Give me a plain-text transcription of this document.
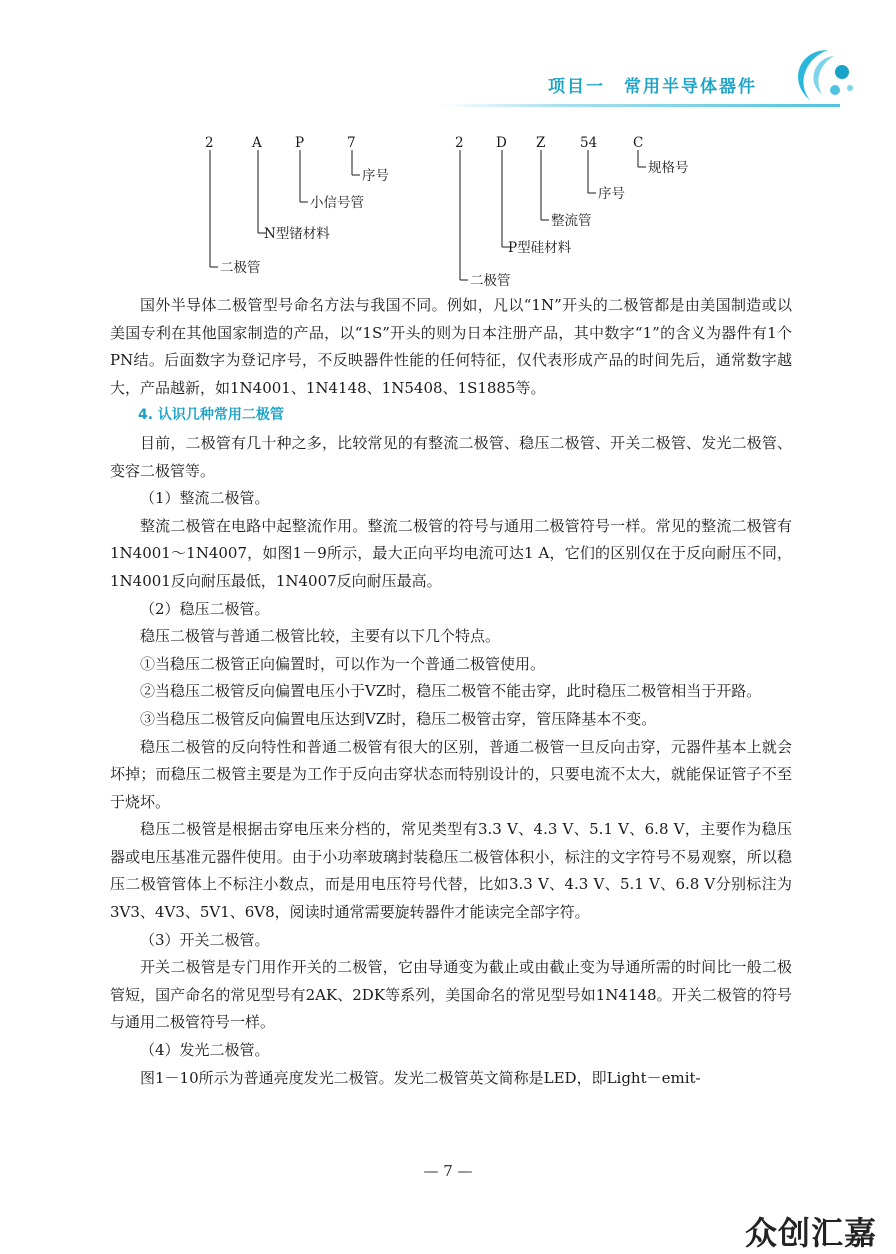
项目一　常用半导体器件
2	A P	7
序号
小信号管
N型锗材料
二极管
2 D Z	54	C
规格号
序号
整流管
P型硅材料
二极管

国外半导体二极管型号命名方法与我国不同。例如，凡以“1N”开头的二极管都是由美国制造或以美国专利在其他国家制造的产品，以“1S”开头的则为日本注册产品，其中数字“1”的含义为器件有1个PN结。后面数字为登记序号，不反映器件性能的任何特征，仅代表形成产品的时间先后，通常数字越大，产品越新，如1N4001、1N4148、1N5408、1S1885等。

4. 认识几种常用二极管

目前，二极管有几十种之多，比较常见的有整流二极管、稳压二极管、开关二极管、发光二极管、变容二极管等。

（1）整流二极管。

整流二极管在电路中起整流作用。整流二极管的符号与通用二极管符号一样。常见的整流二极管有1N4001～1N4007，如图1－9所示，最大正向平均电流可达1 A，它们的区别仅在于反向耐压不同，1N4001反向耐压最低，1N4007反向耐压最高。

（2）稳压二极管。

稳压二极管与普通二极管比较，主要有以下几个特点。

①当稳压二极管正向偏置时，可以作为一个普通二极管使用。

②当稳压二极管反向偏置电压小于VZ时，稳压二极管不能击穿，此时稳压二极管相当于开路。

③当稳压二极管反向偏置电压达到VZ时，稳压二极管击穿，管压降基本不变。

稳压二极管的反向特性和普通二极管有很大的区别，普通二极管一旦反向击穿，元器件基本上就会坏掉；而稳压二极管主要是为工作于反向击穿状态而特别设计的，只要电流不太大，就能保证管子不至于烧坏。

稳压二极管是根据击穿电压来分档的，常见类型有3.3 V、4.3 V、5.1 V、6.8 V，主要作为稳压器或电压基准元器件使用。由于小功率玻璃封装稳压二极管体积小，标注的文字符号不易观察，所以稳压二极管管体上不标注小数点，而是用电压符号代替，比如3.3 V、4.3 V、5.1 V、6.8 V分别标注为3V3、4V3、5V1、6V8，阅读时通常需要旋转器件才能读完全部字符。

（3）开关二极管。

开关二极管是专门用作开关的二极管，它由导通变为截止或由截止变为导通所需的时间比一般二极管短，国产命名的常见型号有2AK、2DK等系列，美国命名的常见型号如1N4148。开关二极管的符号与通用二极管符号一样。

（4）发光二极管。

图1－10所示为普通亮度发光二极管。发光二极管英文简称是LED，即Light－emit-

— 7 —
众创汇嘉
